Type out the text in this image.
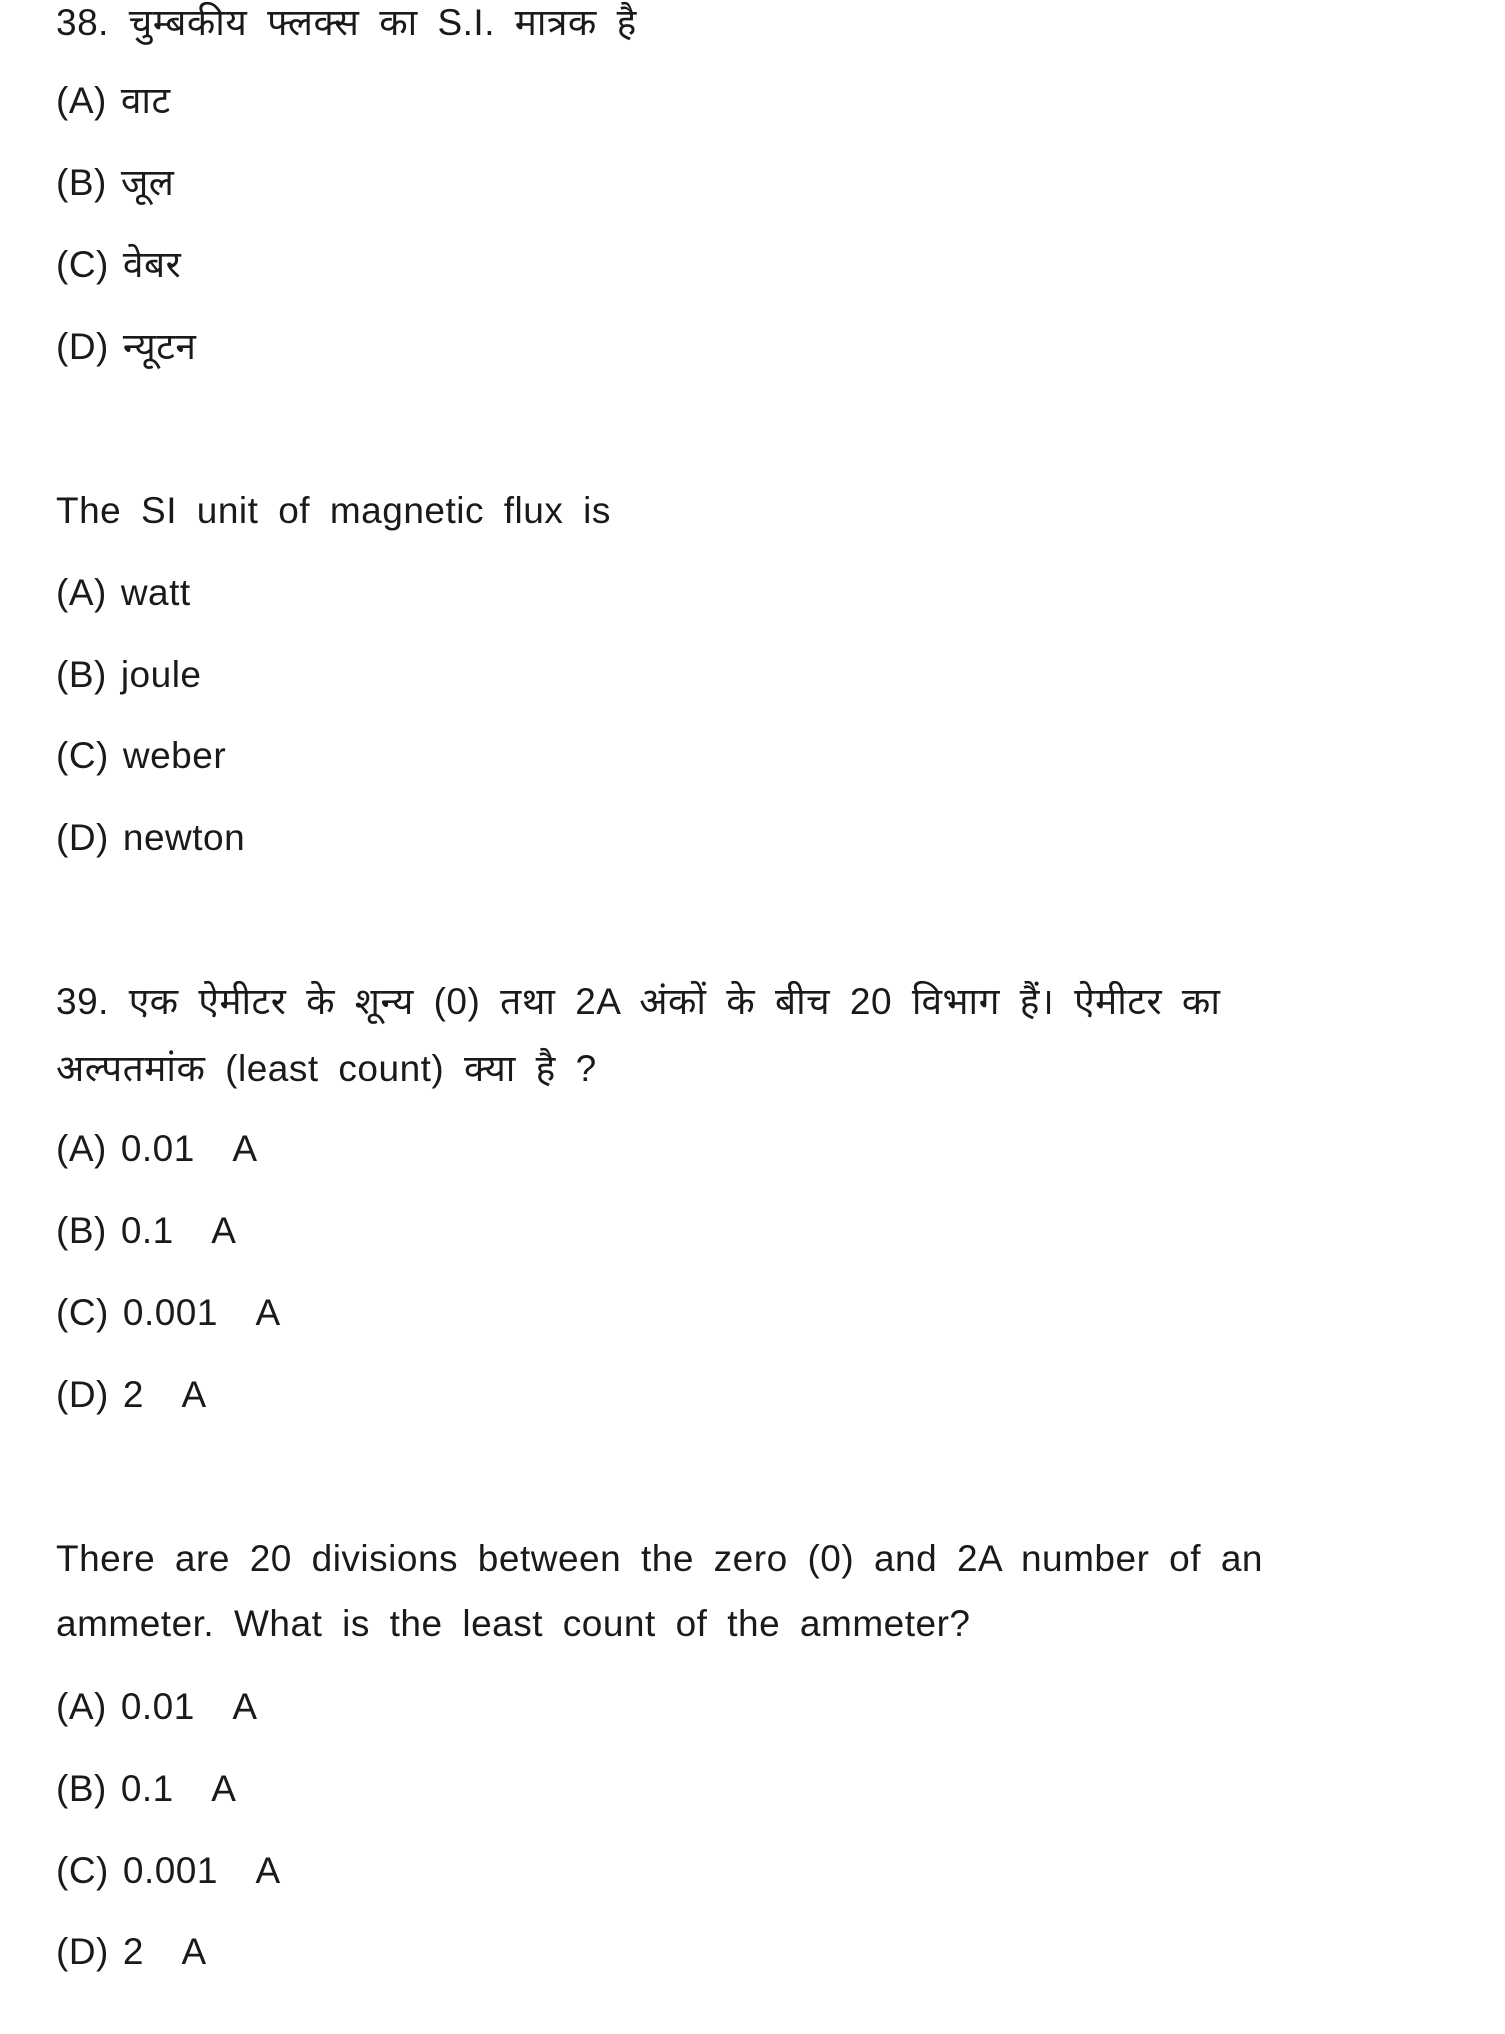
38. चुम्बकीय फ्लक्स का S.I. मात्रक है
(A) वाट
(B) जूल
(C) वेबर
(D) न्यूटन
The SI unit of magnetic flux is
(A) watt
(B) joule
(C) weber
(D) newton
39. एक ऐमीटर के शून्य (0) तथा 2A अंकों के बीच 20 विभाग हैं। ऐमीटर का
अल्पतमांक (least count) क्या है ?
(A) 0.01  A
(B) 0.1  A
(C) 0.001  A
(D) 2  A
There are 20 divisions between the zero (0) and 2A number of an
ammeter. What is the least count of the ammeter?
(A) 0.01  A
(B) 0.1  A
(C) 0.001  A
(D) 2  A
